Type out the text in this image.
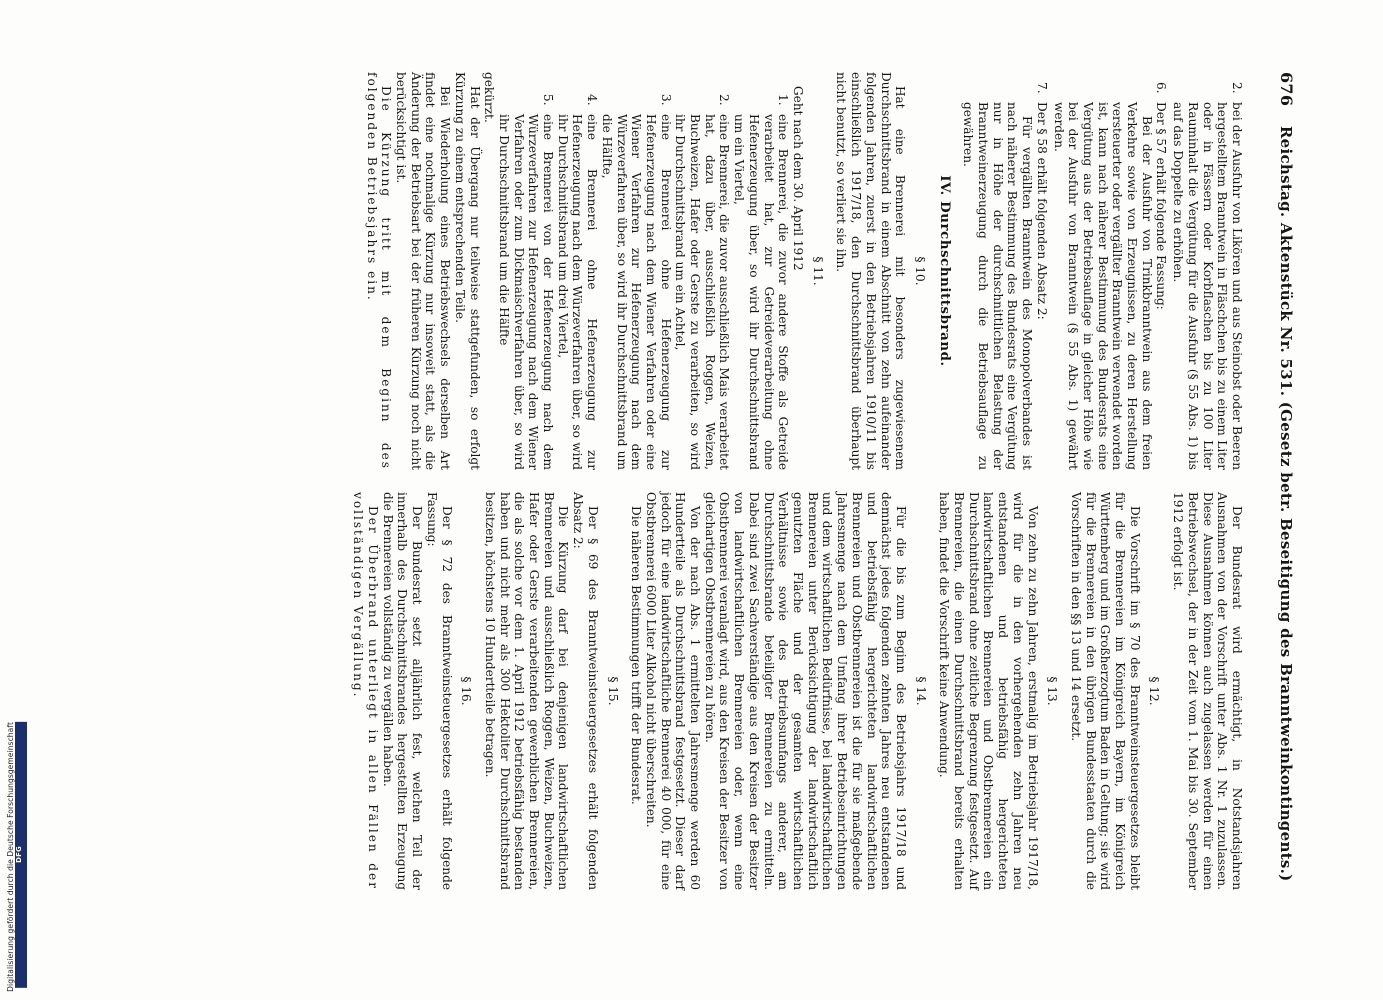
676 Reichstag. Aktenstück Nr. 531. (Gesetz betr. Beseitigung des Branntweinkontingents.)
2.
bei der Ausfuhr von Likören und aus Steinobst oder Beeren hergestelltem Branntwein in Fläschchen bis zu einem Liter oder in Fässern oder Korbflaschen bis zu 100 Liter Rauminhalt die Vergütung für die Ausfuhr (§ 55 Abs. 1) bis auf das Doppelte zu erhöhen.
6.
Der § 57 erhält folgende Fassung:

Bei der Ausfuhr von Trinkbranntwein aus dem freien Verkehre sowie von Erzeugnissen, zu deren Herstellung versteuerter oder vergällter Branntwein verwendet worden ist, kann nach näherer Bestimmung des Bundesrats eine Vergütung aus der Betriebsauflage in gleicher Höhe wie bei der Ausfuhr von Branntwein (§ 55 Abs. 1) gewährt werden.

7.
Der § 58 erhält folgenden Absatz 2:

Für vergällten Branntwein des Monopolverbandes ist nach näherer Bestimmung des Bundesrats eine Vergütung nur in Höhe der durchschnittlichen Belastung der Branntweinerzeugung durch die Betriebsauflage zu gewähren.

IV. Durchschnittsbrand.
§ 10.

Hat eine Brennerei mit besonders zugewiesenem Durchschnittsbrand in einem Abschnitt von zehn aufeinander folgenden Jahren, zuerst in den Betriebsjahren 1910/11 bis einschließlich 1917/18, den Durchschnittsbrand überhaupt nicht benutzt, so verliert sie ihn.

§ 11.

Geht nach dem 30. April 1912

1.
eine Brennerei, die zuvor andere Stoffe als Getreide verarbeitet hat, zur Getreideverarbeitung ohne Hefenerzeugung über, so wird ihr Durchschnittsbrand um ein Viertel,
2.
eine Brennerei, die zuvor ausschließlich Mais verarbeitet hat, dazu über, ausschließlich Roggen, Weizen, Buchweizen, Hafer oder Gerste zu verarbeiten, so wird ihr Durchschnittsbrand um ein Achtel,
3.
eine Brennerei ohne Hefenerzeugung zur Hefenerzeugung nach dem Wiener Verfahren oder eine Wiener Verfahren zur Hefenerzeugung nach dem Würzeverfahren über, so wird ihr Durchschnittsbrand um die Hälfte,
4.
eine Brennerei ohne Hefenerzeugung zur Hefenerzeugung nach dem Würzeverfahren über, so wird ihr Durchschnittsbrand um drei Viertel,
5.
eine Brennerei von der Hefenerzeugung nach dem Würzeverfahren zur Hefenerzeugung nach dem Wiener Verfahren oder zum Dickmaischverfahren über, so wird ihr Durchschnittsbrand um die Hälfte

gekürzt.

Hat der Übergang nur teilweise stattgefunden, so erfolgt Kürzung zu einem entsprechenden Teile.

Bei Wiederholung eines Betriebswechsels derselben Art findet eine nochmalige Kürzung nur insoweit statt, als die Änderung der Betriebsart bei der früheren Kürzung noch nicht berücksichtigt ist.

Die Kürzung tritt mit dem Beginn des folgenden Betriebsjahrs ein.

Der Bundesrat wird ermächtigt, in Notstandsjahren Ausnahmen von der Vorschrift unter Abs. 1 Nr. 1 zuzulassen. Diese Ausnahmen können auch zugelassen werden für einen Betriebswechsel, der in der Zeit vom 1. Mai bis 30. September 1912 erfolgt ist.

§ 12.

Die Vorschrift im § 70 des Branntweinsteuergesetzes bleibt für die Brennereien im Königreich Bayern, im Königreich Württemberg und im Großherzogtum Baden in Geltung; sie wird für die Brennereien in den übrigen Bundesstaaten durch die Vorschriften in den §§ 13 und 14 ersetzt.

§ 13.

Von zehn zu zehn Jahren, erstmalig im Betriebsjahr 1917/18, wird für die in den vorhergehenden zehn Jahren neu entstandenen und betriebsfähig hergerichteten landwirtschaftlichen Brennereien und Obstbrennereien ein Durchschnittsbrand ohne zeitliche Begrenzung festgesetzt. Auf Brennereien, die einen Durchschnittsbrand bereits erhalten haben, findet die Vorschrift keine Anwendung.

§ 14.

Für die bis zum Beginn des Betriebsjahrs 1917/18 und demnächst jedes folgenden zehnten Jahres neu entstandenen und betriebsfähig hergerichteten landwirtschaftlichen Brennereien und Obstbrennereien ist die für sie maßgebende Jahresmenge nach dem Umfang ihrer Betriebseinrichtungen und dem wirtschaftlichen Bedürfnisse, bei landwirtschaftlichen Brennereien unter Berücksichtigung der landwirtschaftlich genutzten Fläche und der gesamten wirtschaftlichen Verhältnisse sowie des Betriebsumfangs anderer, am Durchschnittsbrande beteiligter Brennereien zu ermitteln. Dabei sind zwei Sachverständige aus den Kreisen der Besitzer von landwirtschaftlichen Brennereien oder, wenn eine Obstbrennerei veranlagt wird, aus den Kreisen der Besitzer von gleichartigen Obstbrennereien zu hören.

Von der nach Abs. 1 ermittelten Jahresmenge werden 60 Hundertteile als Durchschnittsbrand festgesetzt. Dieser darf jedoch für eine landwirtschaftliche Brennerei 40 000, für eine Obstbrennerei 6000 Liter Alkohol nicht überschreiten.

Die näheren Bestimmungen trifft der Bundesrat.

§ 15.

Der § 69 des Branntweinsteuergesetzes erhält folgenden Absatz 2:

Die Kürzung darf bei denjenigen landwirtschaftlichen Brennereien und ausschließlich Roggen, Weizen, Buchweizen, Hafer oder Gerste verarbeitenden gewerblichen Brennereien, die als solche vor dem 1. April 1912 betriebsfähig bestanden haben und nicht mehr als 300 Hektoliter Durchschnittsbrand besitzen, höchstens 10 Hundertteile betragen.

§ 16.

Der § 72 des Branntweinsteuergesetzes erhält folgende Fassung:

Der Bundesrat setzt alljährlich fest, welchen Teil der innerhalb des Durchschnittsbrandes hergestellten Erzeugung die Brennereien vollständig zu vergällen haben.

Der Überbrand unterliegt in allen Fällen der vollständigen Vergällung.

Digitalisierung gefördert durch die Deutsche Forschungsgemeinschaft DFG
